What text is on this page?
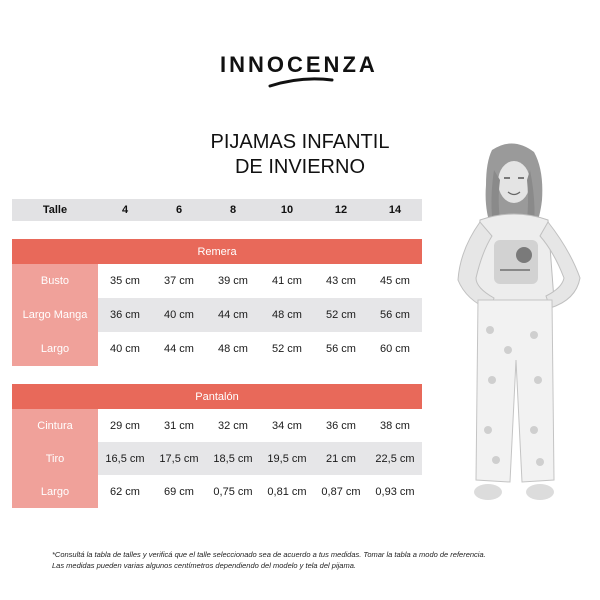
INNOCENZA
PIJAMAS INFANTIL
DE INVIERNO
Talle	4	6	8	10	12	14

Remera						
Busto	35 cm	37 cm	39 cm	41 cm	43 cm	45 cm
Largo Manga	36 cm	40 cm	44 cm	48 cm	52 cm	56 cm
Largo	40 cm	44 cm	48 cm	52 cm	56 cm	60 cm

Pantalón						
Cintura	29 cm	31 cm	32 cm	34 cm	36 cm	38 cm
Tiro	16,5 cm	17,5 cm	18,5 cm	19,5 cm	21 cm	22,5 cm
Largo	62 cm	69 cm	0,75 cm	0,81 cm	0,87 cm	0,93 cm
*Consultá la tabla de talles y verificá que el talle seleccionado sea de acuerdo a tus medidas. Tomar la tabla a modo de referencia.
Las medidas pueden varias algunos centímetros dependiendo del modelo y tela del pijama.
